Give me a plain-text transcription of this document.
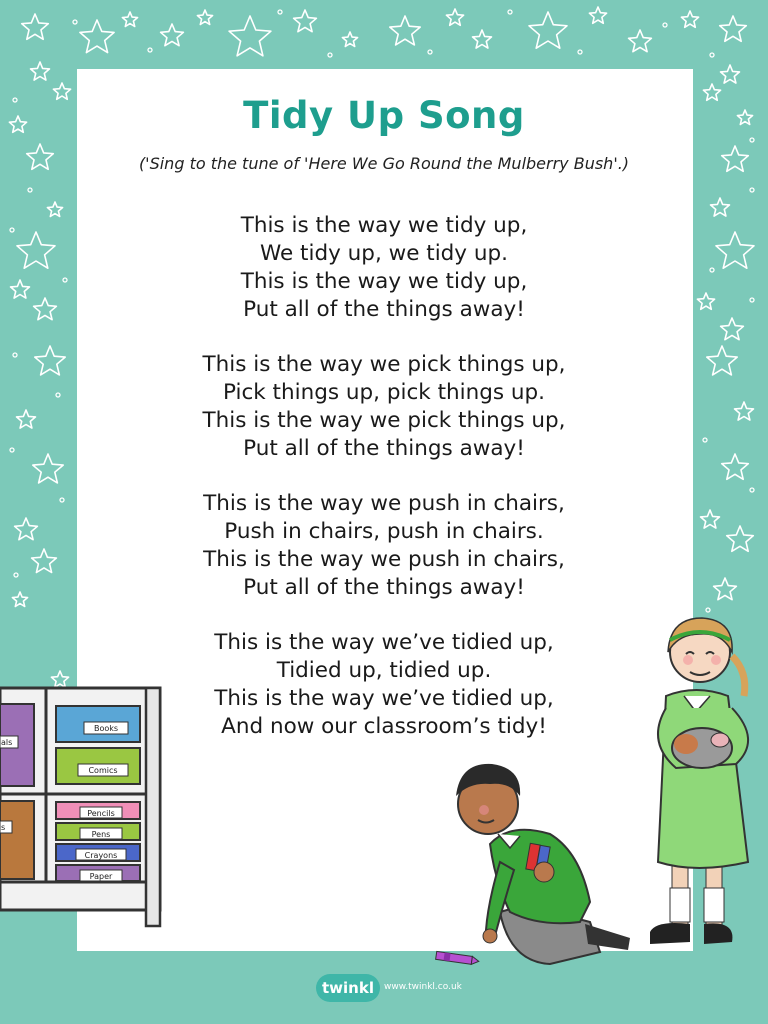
Tidy Up Song
('Sing to the tune of 'Here We Go Round the Mulberry Bush'.)
This is the way we tidy up,
We tidy up, we tidy up.
This is the way we tidy up,
Put all of the things away!
This is the way we pick things up,
Pick things up, pick things up.
This is the way we pick things up,
Put all of the things away!
This is the way we push in chairs,
Push in chairs, push in chairs.
This is the way we push in chairs,
Put all of the things away!
This is the way we’ve tidied up,
Tidied up, tidied up.
This is the way we’ve tidied up,
And now our classroom’s tidy!
als
s
Books
Comics
Pencils
Pens
Crayons
Paper
twinkl	www.twinkl.co.uk
